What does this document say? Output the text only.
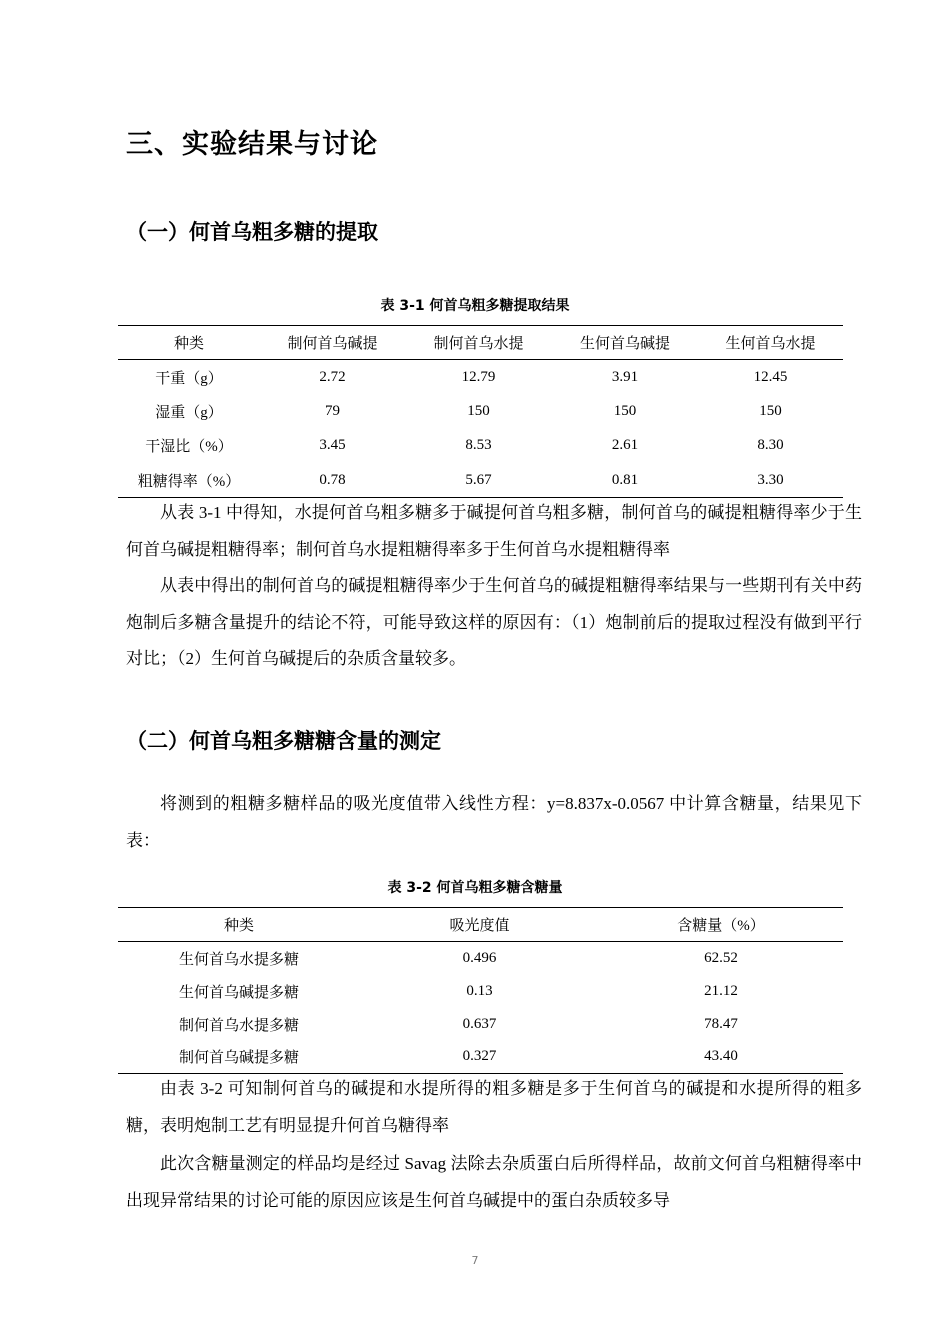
三、实验结果与讨论
（一）何首乌粗多糖的提取
表 3-1 何首乌粗多糖提取结果
种类	制何首乌碱提	制何首乌水提	生何首乌碱提	生何首乌水提
干重（g）	2.72	12.79	3.91	12.45
湿重（g）	79	150	150	150
干湿比（%）	3.45	8.53	2.61	8.30
粗糖得率（%）	0.78	5.67	0.81	3.30

从表 3-1 中得知，水提何首乌粗多糖多于碱提何首乌粗多糖，制何首乌的碱提粗糖得率少于生何首乌碱提粗糖得率；制何首乌水提粗糖得率多于生何首乌水提粗糖得率

从表中得出的制何首乌的碱提粗糖得率少于生何首乌的碱提粗糖得率结果与一些期刊有关中药炮制后多糖含量提升的结论不符，可能导致这样的原因有：（1）炮制前后的提取过程没有做到平行对比；（2）生何首乌碱提后的杂质含量较多。

（二）何首乌粗多糖糖含量的测定

将测到的粗糖多糖样品的吸光度值带入线性方程：y=8.837x-0.0567 中计算含糖量，结果见下表：

表 3-2 何首乌粗多糖含糖量
种类	吸光度值	含糖量（%）
生何首乌水提多糖	0.496	62.52
生何首乌碱提多糖	0.13	21.12
制何首乌水提多糖	0.637	78.47
制何首乌碱提多糖	0.327	43.40

由表 3-2 可知制何首乌的碱提和水提所得的粗多糖是多于生何首乌的碱提和水提所得的粗多糖，表明炮制工艺有明显提升何首乌糖得率

此次含糖量测定的样品均是经过 Savag 法除去杂质蛋白后所得样品，故前文何首乌粗糖得率中出现异常结果的讨论可能的原因应该是生何首乌碱提中的蛋白杂质较多导

7
